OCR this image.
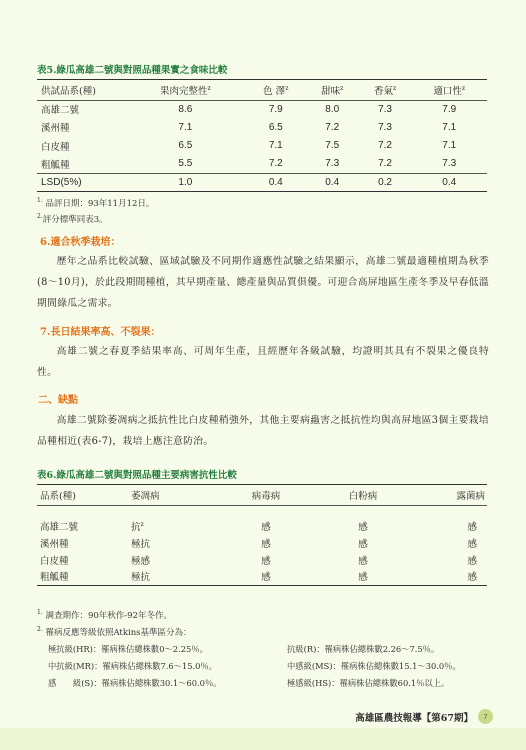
表5.綠瓜高雄二號與對照品種果實之食味比較
供試品系(種)	果肉完整性$^z$	色 澤$^z$	甜味$^z$	香氣$^z$	適口性$^z$
高雄二號	8.6	7.9	8.0	7.3	7.9
溪州種	7.1	6.5	7.2	7.3	7.1
白皮種	6.5	7.1	7.5	7.2	7.1
粗觚種	5.5	7.2	7.3	7.2	7.3
LSD(5%)	1.0	0.4	0.4	0.2	0.4
$^{1.}$ 品評日期：93年11月12日。
$^{2.}$評分標準同表3。
6.適合秋季栽培：
歷年之品系比較試驗、區域試驗及不同期作適應性試驗之結果顯示，高雄二號最適種植期為秋季(8～10月)，於此段期間種植，其早期產量、總產量與品質俱優。可迎合高屏地區生產冬季及早春低溫期間綠瓜之需求。
7.長日結果率高、不裂果：
高雄二號之春夏季結果率高、可周年生產，且經歷年各級試驗，均證明其具有不裂果之優良特性。
二、缺點
高雄二號除萎凋病之抵抗性比白皮種稍強外，其他主要病蟲害之抵抗性均與高屏地區3個主要栽培品種相近(表6-7)，栽培上應注意防治。
表6.綠瓜高雄二號與對照品種主要病害抗性比較
品系(種)	萎凋病	病毒病	白粉病	露菌病

高雄二號	抗$^z$	感	感	感
溪州種	極抗	感	感	感
白皮種	極感	感	感	感
粗觚種	極抗	感	感	感
$^{1.}$ 調查期作：90年秋作-92年冬作。
$^{2.}$ 罹病反應等級依照Atkins基準區分為：
極抗級(HR)：罹病株佔總株數0～2.25％。	抗級(R)：罹病株佔總株數2.26～7.5％。
中抗級(MR)：罹病株佔總株數7.6～15.0％。	中感級(MS)：罹病株佔總株數15.1～30.0％。
感　　級(S)：罹病株佔總株數30.1～60.0％。	極感級(HS)：罹病株佔總株數60.1％以上。
高雄區農技報導【第67期】	7
